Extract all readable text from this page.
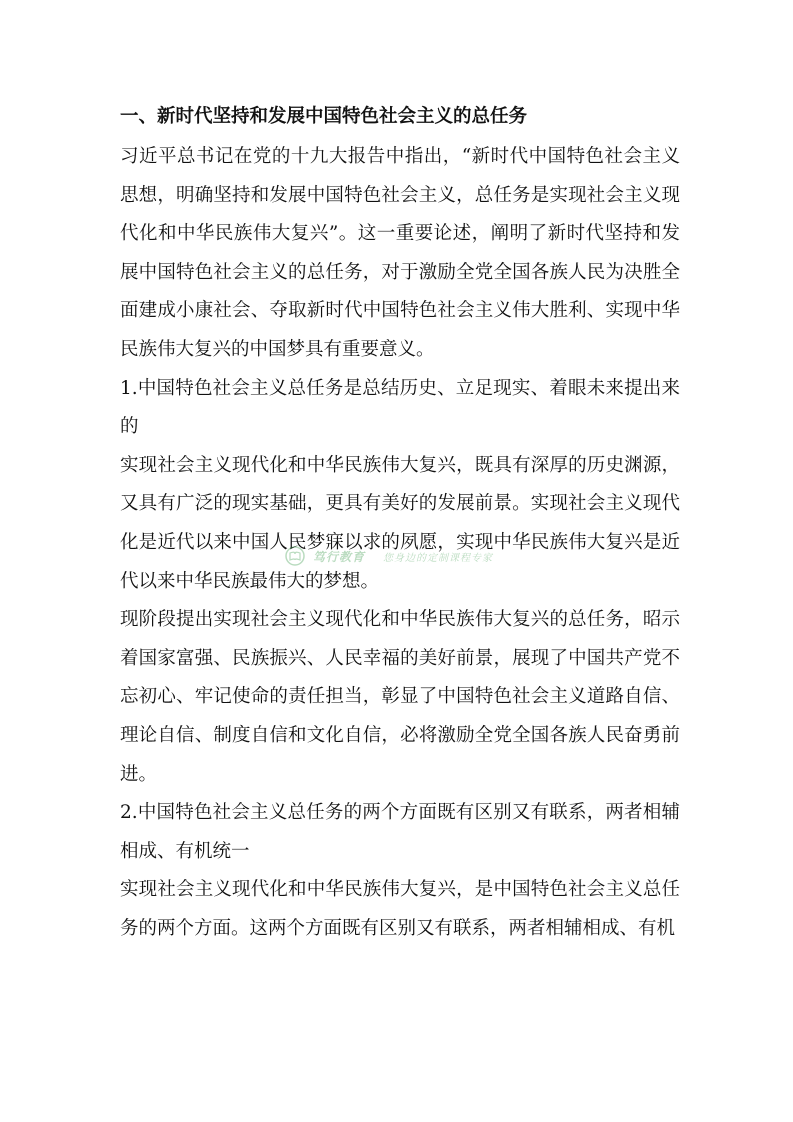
一、新时代坚持和发展中国特色社会主义的总任务

习近平总书记在党的十九大报告中指出，“新时代中国特色社会主义思想，明确坚持和发展中国特色社会主义，总任务是实现社会主义现代化和中华民族伟大复兴”。这一重要论述，阐明了新时代坚持和发展中国特色社会主义的总任务，对于激励全党全国各族人民为决胜全面建成小康社会、夺取新时代中国特色社会主义伟大胜利、实现中华民族伟大复兴的中国梦具有重要意义。

1.中国特色社会主义总任务是总结历史、立足现实、着眼未来提出来的

实现社会主义现代化和中华民族伟大复兴，既具有深厚的历史渊源，又具有广泛的现实基础，更具有美好的发展前景。实现社会主义现代化是近代以来中国人民梦寐以求的夙愿，实现中华民族伟大复兴是近代以来中华民族最伟大的梦想。

现阶段提出实现社会主义现代化和中华民族伟大复兴的总任务，昭示着国家富强、民族振兴、人民幸福的美好前景，展现了中国共产党不忘初心、牢记使命的责任担当，彰显了中国特色社会主义道路自信、理论自信、制度自信和文化自信，必将激励全党全国各族人民奋勇前进。

2.中国特色社会主义总任务的两个方面既有区别又有联系，两者相辅相成、有机统一

实现社会主义现代化和中华民族伟大复兴，是中国特色社会主义总任务的两个方面。这两个方面既有区别又有联系，两者相辅相成、有机

笃行教育 您身边的定制课程专家
